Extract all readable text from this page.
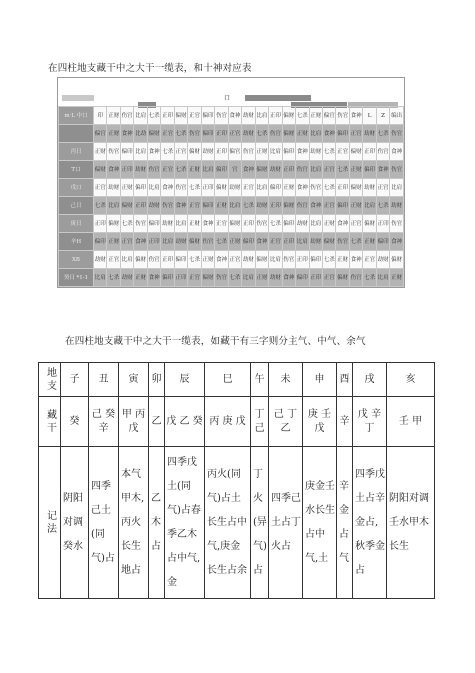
在四柱地支藏干中之大干一缆表，和十神对应表
口
m·L 中口	印	正财	伤官	比肩	七杀	正印	偏财	正官	偏印	伤官	食神	劫财	比肩	正印	偏财	七杀	正财	偏官	伤官	食神	L	Z	编出
	偏官	正财	食神	比劫	偏财	正官	七杀	伤官	偏印	正印	正官	劫财	七杀	伤官	偏财	正财	比肩	食神	偏印	正官	劫财	七杀	伤官
丙日	正财	伤官	偏印	比肩	食神	七杀	正官	偏财	劫财	正印	偏官	伤官	正财	比肩	偏印	食神	劫财	七杀	正官	偏财	正印	伤官	食神
T口	偏财	食神	正印	劫财	伤官	正官	七杀	正财	比肩	偏印	官	食神	偏财	劫财	正印	伤官	比肩	正官	七杀	正财	偏印	食神	伤官
戊口	正官	劫财	正财	偏印	比肩	食神	伤官	七杀	正印	偏财	劫财	正官	比肩	偏印	正财	食神	伤官	七杀	正印	偏财	劫财	正官	比肩
己日	七杀	比肩	偏财	正印	劫财	伤官	食神	正官	偏印	正财	比肩	七杀	劫财	正印	偏财	伤官	食神	正官	偏印	正财	比肩	七杀	劫财
庚日	正印	偏财	七杀	伤官	偏印	劫财	比肩	正财	食神	正官	偏财	正印	伤官	七杀	偏印	劫财	比肩	正财	食神	正官	偏财	正印	伤官
辛H	偏印	正财	正官	食神	正印	比肩	劫财	偏财	伤官	七杀	正财	偏印	食神	正官	正印	比肩	劫财	偏财	伤官	七杀	正财	偏印	食神
XB	劫财	正官	比肩	偏财	伤官	正印	偏印	七杀	正财	食神	正官	劫财	偏财	比肩	伤官	正印	偏印	七杀	正财	食神	正官	劫财	偏财
癸日 *1-1	比肩	七杀	劫财	正财	食神	偏印	正印	正官	偏财	伤官	七杀	比肩	正财	劫财	食神	偏印	正印	正官	偏财	伤官	七杀	比肩	正财
在四柱地支藏干中之大干一缆表，如藏干有三字则分主气、中气、余气
地支	子	丑	寅	卯	辰	巳	午	未	申	酉	戌	亥

藏干	癸	己 癸 辛	甲 丙 戊	乙	戊 乙 癸	丙 庚 戊	丁 己	己 丁 乙	庚 壬 戊	辛	戊 辛 丁	壬 甲

记法	阴阳对调癸水	四季己土(同气)占	本气甲木,丙火长生地占	乙木占	四季戊土(同气)占春季乙木占中气,金	丙火(同气)占土长生占中气,庚金长生占余	丁火(异气)占	四季己土占丁火占	庚金壬水长生占中气,土	辛金占气	四季戊土占辛金占,秋季金占	阴阳对调壬水甲木长生
